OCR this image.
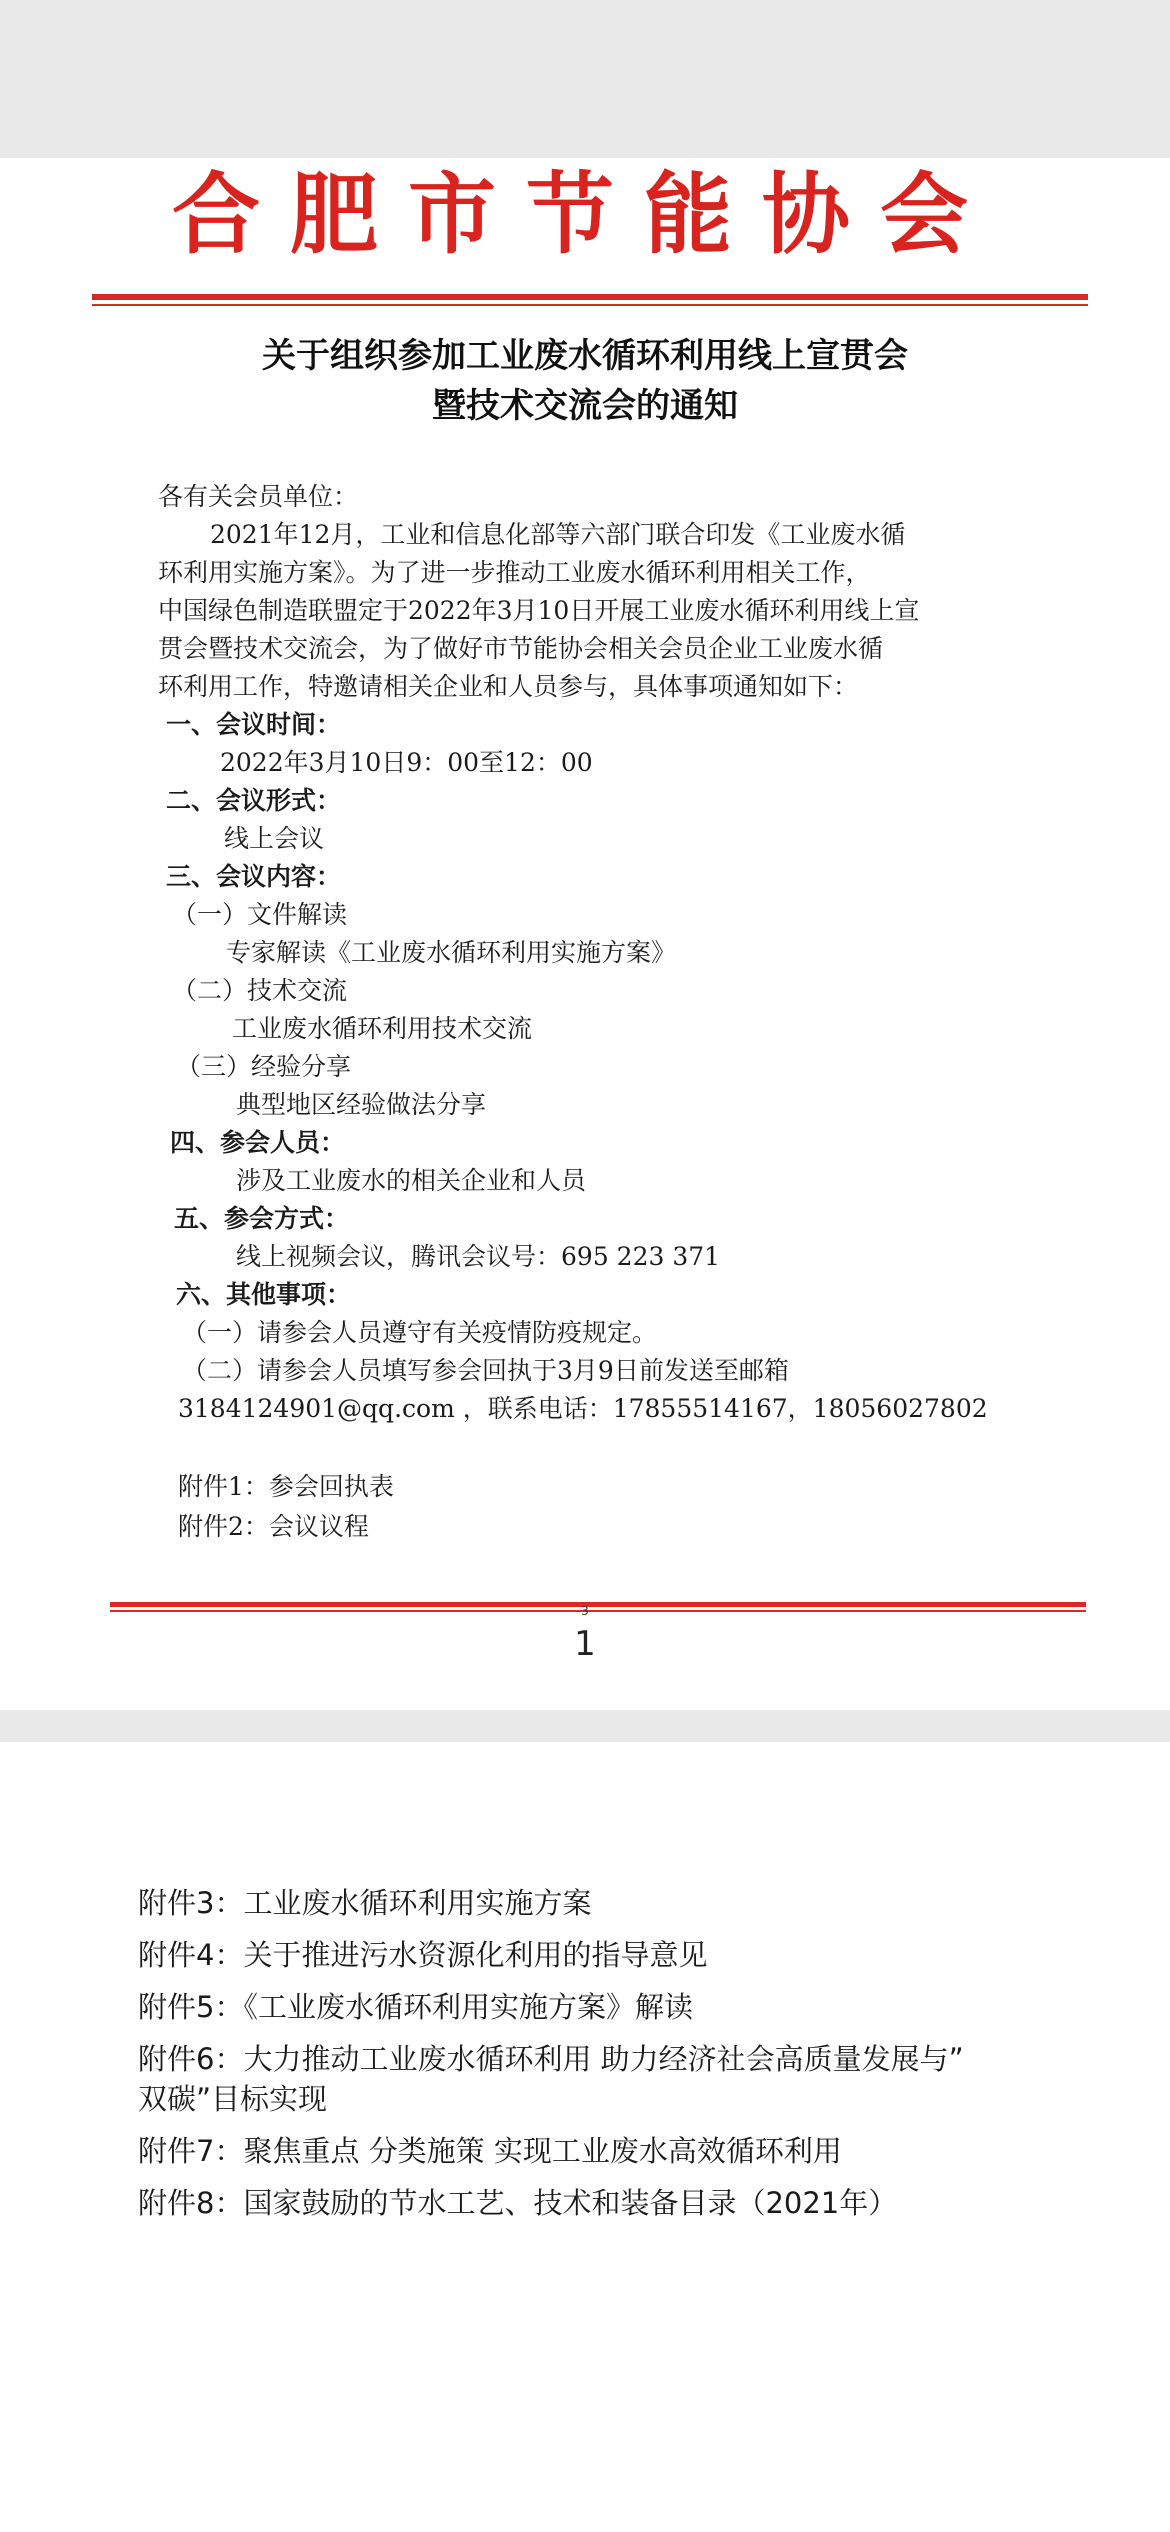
合肥市节能协会
关于组织参加工业废水循环利用线上宣贯会
暨技术交流会的通知
各有关会员单位：
2021年12月，工业和信息化部等六部门联合印发《工业废水循
环利用实施方案》。为了进一步推动工业废水循环利用相关工作，
中国绿色制造联盟定于2022年3月10日开展工业废水循环利用线上宣
贯会暨技术交流会，为了做好市节能协会相关会员企业工业废水循
环利用工作，特邀请相关企业和人员参与，具体事项通知如下：
一、会议时间：
2022年3月10日9：00至12：00
二、会议形式：
线上会议
三、会议内容：
（一）文件解读
专家解读《工业废水循环利用实施方案》
（二）技术交流
工业废水循环利用技术交流
（三）经验分享
典型地区经验做法分享
四、参会人员：
涉及工业废水的相关企业和人员
五、参会方式：
线上视频会议，腾讯会议号：695 223 371
六、其他事项：
（一）请参会人员遵守有关疫情防疫规定。
（二）请参会人员填写参会回执于3月9日前发送至邮箱
3184124901@qq.com ，联系电话：17855514167，18056027802
附件1：参会回执表
附件2：会议议程
3
1
附件3：工业废水循环利用实施方案
附件4：关于推进污水资源化利用的指导意见
附件5：《工业废水循环利用实施方案》解读
附件6：大力推动工业废水循环利用 助力经济社会高质量发展与”
双碳”目标实现
附件7：聚焦重点 分类施策 实现工业废水高效循环利用
附件8：国家鼓励的节水工艺、技术和装备目录（2021年）
